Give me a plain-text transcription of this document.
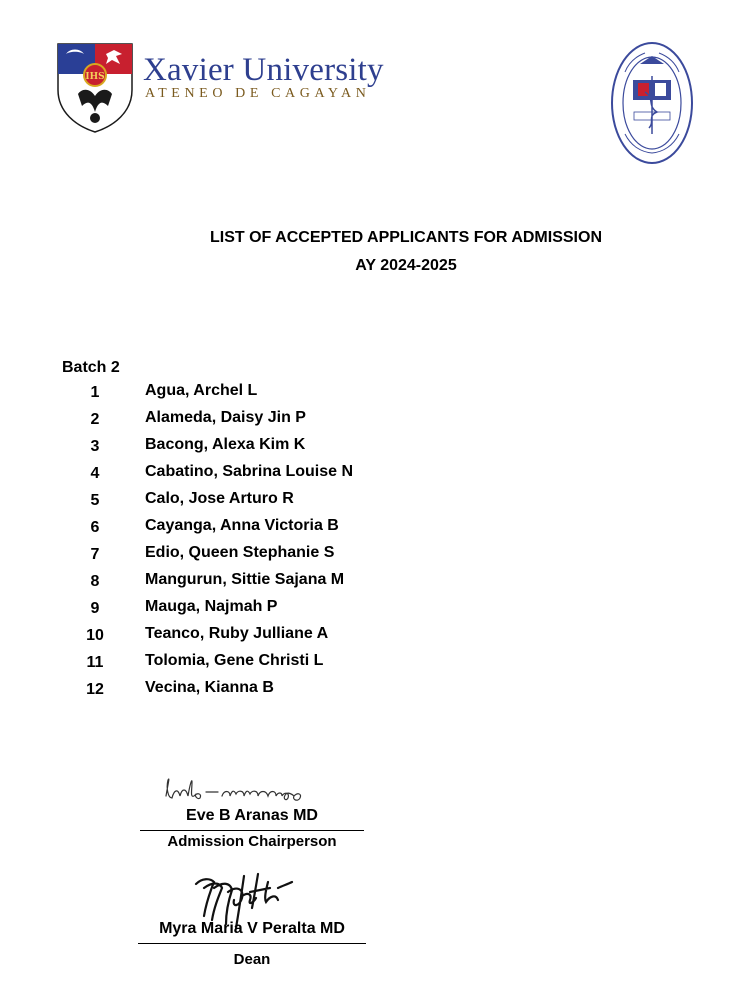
IHS Xavier University
ATENEO DE CAGAYAN
LIST OF ACCEPTED APPLICANTS FOR ADMISSION
AY 2024-2025
Batch 2
1	Agua, Archel L
2	Alameda, Daisy Jin P
3	Bacong, Alexa Kim K
4	Cabatino, Sabrina Louise N
5	Calo, Jose Arturo R
6	Cayanga, Anna Victoria B
7	Edio, Queen Stephanie S
8	Mangurun, Sittie Sajana M
9	Mauga, Najmah P
10	Teanco, Ruby Julliane A
11	Tolomia, Gene Christi L
12	Vecina, Kianna B
Eve B Aranas MD
Admission Chairperson
Myra Maria V Peralta MD
Dean
